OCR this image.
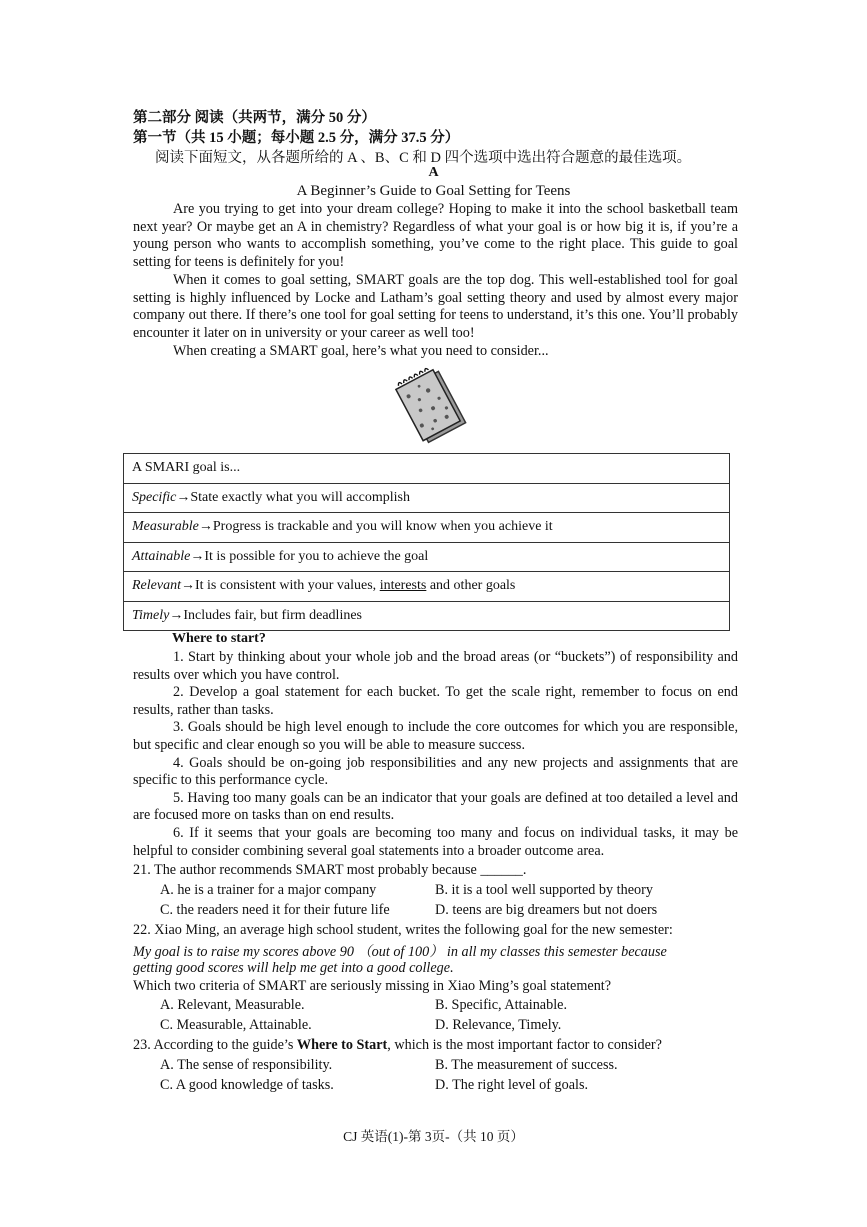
第二部分 阅读（共两节，满分 50 分）
第一节（共 15 小题；每小题 2.5 分，满分 37.5 分）
阅读下面短文，从各题所给的 A 、B、C 和 D 四个选项中选出符合题意的最佳选项。
A
A Beginner’s Guide to Goal Setting for Teens

Are you trying to get into your dream college? Hoping to make it into the school basketball team next year? Or maybe get an A in chemistry? Regardless of what your goal is or how big it is, if you’re a young person who wants to accomplish something, you’ve come to the right place. This guide to goal setting for teens is definitely for you!

When it comes to goal setting, SMART goals are the top dog. This well-established tool for goal setting is highly influenced by Locke and Latham’s goal setting theory and used by almost every major company out there. If there’s one tool for goal setting for teens to understand, it’s this one. You’ll probably encounter it later on in university or your career as well too!

When creating a SMART goal, here’s what you need to consider...

A SMARI goal is...
Specific→State exactly what you will accomplish
Measurable→Progress is trackable and you will know when you achieve it
Attainable→It is possible for you to achieve the goal
Relevant→It is consistent with your values, interests and other goals
Timely→Includes fair, but firm deadlines
Where to start?

1. Start by thinking about your whole job and the broad areas (or “buckets”) of responsibility and results over which you have control.

2. Develop a goal statement for each bucket. To get the scale right, remember to focus on end results, rather than tasks.

3. Goals should be high level enough to include the core outcomes for which you are responsible, but specific and clear enough so you will be able to measure success.

4. Goals should be on-going job responsibilities and any new projects and assignments that are specific to this performance cycle.

5. Having too many goals can be an indicator that your goals are defined at too detailed a level and are focused more on tasks than on end results.

6. If it seems that your goals are becoming too many and focus on individual tasks, it may be helpful to consider combining several goal statements into a broader outcome area.

21. The author recommends SMART most probably because ______.
A. he is a trainer for a major company	B. it is a tool well supported by theory
C. the readers need it for their future life	D. teens are big dreamers but not doers
22. Xiao Ming, an average high school student, writes the following goal for the new semester:
My goal is to raise my scores above 90 （out of 100） in all my classes this semester because
getting good scores will help me get into a good college.
Which two criteria of SMART are seriously missing in Xiao Ming’s goal statement?
A. Relevant, Measurable.	B. Specific, Attainable.
C. Measurable, Attainable.	D. Relevance, Timely.
23. According to the guide’s Where to Start, which is the most important factor to consider?
A. The sense of responsibility.	B. The measurement of success.
C. A good knowledge of tasks.	D. The right level of goals.
CJ 英语(1)-第 3页-（共 10 页）
